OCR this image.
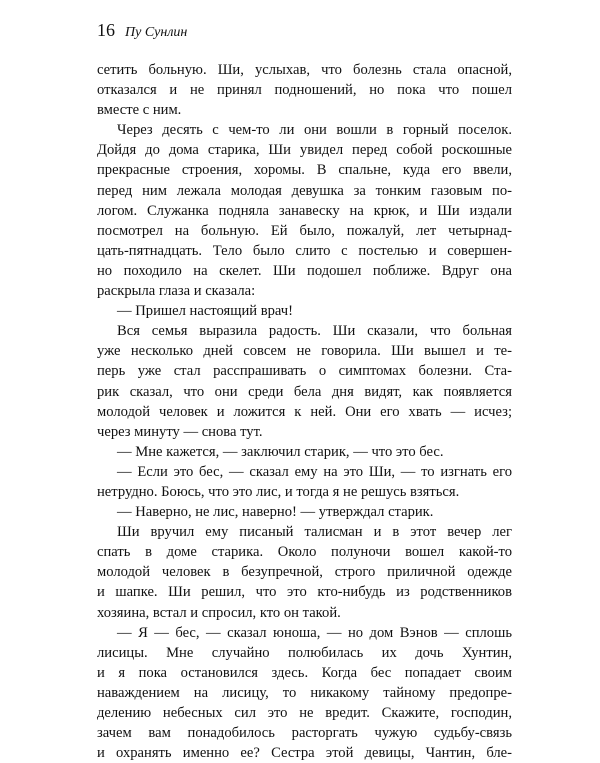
16 Пу Сунлин
сетить больную. Ши, услыхав, что болезнь стала опасной,
отказался и не принял подношений, но пока что пошел
вместе с ним.
Через десять с чем-то ли они вошли в горный поселок.
Дойдя до дома старика, Ши увидел перед собой роскошные
прекрасные строения, хоромы. В спальне, куда его ввели,
перед ним лежала молодая девушка за тонким газовым по-
логом. Служанка подняла занавеску на крюк, и Ши издали
посмотрел на больную. Ей было, пожалуй, лет четырнад-
цать-пятнадцать. Тело было слито с постелью и совершен-
но походило на скелет. Ши подошел поближе. Вдруг она
раскрыла глаза и сказала:
— Пришел настоящий врач!
Вся семья выразила радость. Ши сказали, что больная
уже несколько дней совсем не говорила. Ши вышел и те-
перь уже стал расспрашивать о симптомах болезни. Ста-
рик сказал, что они среди бела дня видят, как появляется
молодой человек и ложится к ней. Они его хвать — исчез;
через минуту — снова тут.
— Мне кажется, — заключил старик, — что это бес.
— Если это бес, — сказал ему на это Ши, — то изгнать его
нетрудно. Боюсь, что это лис, и тогда я не решусь взяться.
— Наверно, не лис, наверно! — утверждал старик.
Ши вручил ему писаный талисман и в этот вечер лег
спать в доме старика. Около полуночи вошел какой-то
молодой человек в безупречной, строго приличной одежде
и шапке. Ши решил, что это кто-нибудь из родственников
хозяина, встал и спросил, кто он такой.
— Я — бес, — сказал юноша, — но дом Вэнов — сплошь
лисицы. Мне случайно полюбилась их дочь Хунтин,
и я пока остановился здесь. Когда бес попадает своим
наваждением на лисицу, то никакому тайному предопре-
делению небесных сил это не вредит. Скажите, господин,
зачем вам понадобилось расторгать чужую судьбу-связь
и охранять именно ее? Сестра этой девицы, Чантин, бле-
